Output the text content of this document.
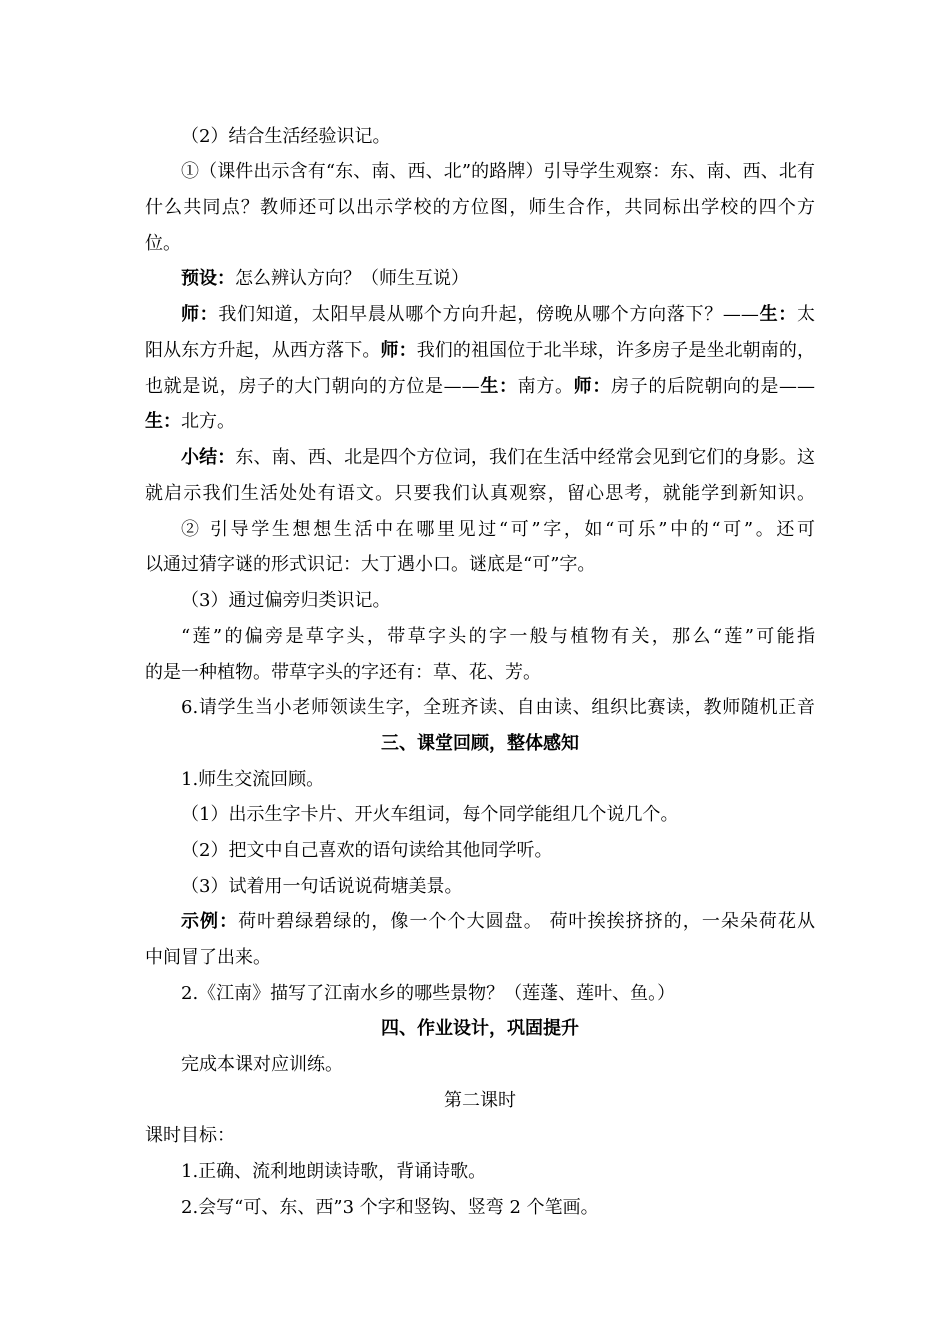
（2）结合生活经验识记。
①（课件出示含有“东、南、西、北”的路牌）引导学生观察：东、南、西、北有
什么共同点？教师还可以出示学校的方位图，师生合作，共同标出学校的四个方
位。
预设：怎么辨认方向？（师生互说）
师：我们知道，太阳早晨从哪个方向升起，傍晚从哪个方向落下？——生：太
阳从东方升起，从西方落下。师：我们的祖国位于北半球，许多房子是坐北朝南的，
也就是说，房子的大门朝向的方位是——生：南方。师：房子的后院朝向的是——
生：北方。
小结：东、南、西、北是四个方位词，我们在生活中经常会见到它们的身影。这
就启示我们生活处处有语文。只要我们认真观察，留心思考，就能学到新知识。
② 引导学生想想生活中在哪里见过“可”字，如“可乐”中的“可”。还可
以通过猜字谜的形式识记：大丁遇小口。谜底是“可”字。
（3）通过偏旁归类识记。
“莲”的偏旁是草字头，带草字头的字一般与植物有关，那么“莲”可能指
的是一种植物。带草字头的字还有：草、花、芳。
6.请学生当小老师领读生字，全班齐读、自由读、组织比赛读，教师随机正音
三、课堂回顾，整体感知
1.师生交流回顾。
（1）出示生字卡片、开火车组词，每个同学能组几个说几个。
（2）把文中自己喜欢的语句读给其他同学听。
（3）试着用一句话说说荷塘美景。
示例：荷叶碧绿碧绿的，像一个个大圆盘。 荷叶挨挨挤挤的，一朵朵荷花从
中间冒了出来。
2.《江南》描写了江南水乡的哪些景物？（莲蓬、莲叶、鱼。）
四、作业设计，巩固提升
完成本课对应训练。
第二课时
课时目标：
1.正确、流利地朗读诗歌，背诵诗歌。
2.会写“可、东、西”3 个字和竖钩、竖弯 2 个笔画。
